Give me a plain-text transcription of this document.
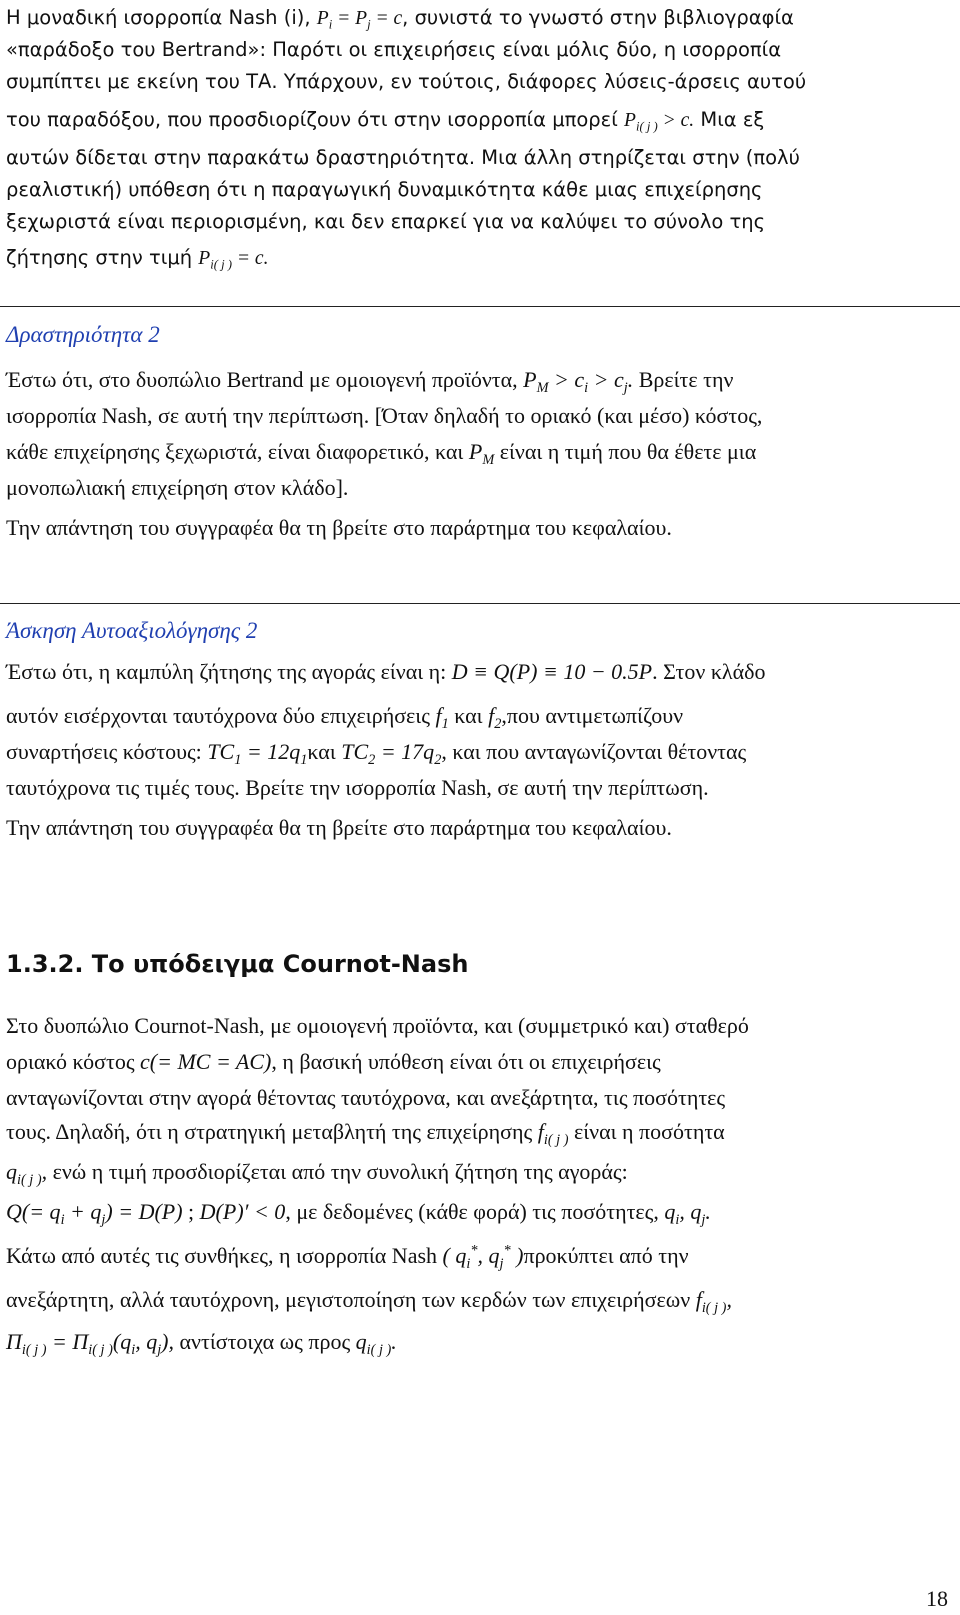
Η μοναδική ισορροπία Nash (i), $P_i = P_j = c$, συνιστά το γνωστό στην βιβλιογραφία

«παράδοξο του Bertrand»: Παρότι οι επιχειρήσεις είναι μόλις δύο, η ισορροπία

συμπίπτει με εκείνη του ΤΑ. Υπάρχουν, εν τούτοις, διάφορες λύσεις-άρσεις αυτού

του παραδόξου, που προσδιορίζουν ότι στην ισορροπία μπορεί $P_{i( j )} > c$. Μια εξ

αυτών δίδεται στην παρακάτω δραστηριότητα. Μια άλλη στηρίζεται στην (πολύ

ρεαλιστική) υπόθεση ότι η παραγωγική δυναμικότητα κάθε μιας επιχείρησης

ξεχωριστά είναι περιορισμένη, και δεν επαρκεί για να καλύψει το σύνολο της

ζήτησης στην τιμή $P_{i( j )} = c$.

Δραστηριότητα 2

Έστω ότι, στο δυοπώλιο Bertrand με ομοιογενή προϊόντα, $P_M > c_i > c_j$. Βρείτε την

ισορροπία Nash, σε αυτή την περίπτωση. [Όταν δηλαδή το οριακό (και μέσο) κόστος,

κάθε επιχείρησης ξεχωριστά, είναι διαφορετικό, και $P_M$ είναι η τιμή που θα έθετε μια

μονοπωλιακή επιχείρηση στον κλάδο].

Την απάντηση του συγγραφέα θα τη βρείτε στο παράρτημα του κεφαλαίου.

Άσκηση Αυτοαξιολόγησης 2

Έστω ότι, η καμπύλη ζήτησης της αγοράς είναι η: D ≡ Q(P) ≡ 10 − 0.5P. Στον κλάδο

αυτόν εισέρχονται ταυτόχρονα δύο επιχειρήσεις $f_1$ και $f_2,\pi o\upsilon$ αντιμετωπίζουν

συναρτήσεις κόστους: $TC_1 = 12q_1\kappa\alpha\iota$ $TC_2 = 17q_2$, και που ανταγωνίζονται θέτοντας

ταυτόχρονα τις τιμές τους. Βρείτε την ισορροπία Nash, σε αυτή την περίπτωση.

Την απάντηση του συγγραφέα θα τη βρείτε στο παράρτημα του κεφαλαίου.

1.3.2. Το υπόδειγμα Cournot-Nash

Στο δυοπώλιο Cournot-Nash, με ομοιογενή προϊόντα, και (συμμετρικό και) σταθερό

οριακό κόστος c(= MC = AC), η βασική υπόθεση είναι ότι οι επιχειρήσεις

ανταγωνίζονται στην αγορά θέτοντας ταυτόχρονα, και ανεξάρτητα, τις ποσότητες

τους. Δηλαδή, ότι η στρατηγική μεταβλητή της επιχείρησης $f_{i( j )}$ είναι η ποσότητα

$q_{i( j )}$, ενώ η τιμή προσδιορίζεται από την συνολική ζήτηση της αγοράς:

$Q(= q_i + q_j) = D(P)$ ; D(P)′ < 0, με δεδομένες (κάθε φορά) τις ποσότητες, $q_i$, $q_j$.

Κάτω από αυτές τις συνθήκες, η ισορροπία Nash ( $q_i^*$, $q_j^*$ )προκύπτει από την

ανεξάρτητη, αλλά ταυτόχρονη, μεγιστοποίηση των κερδών των επιχειρήσεων $f_{i( j )}$,

$\Pi_{i( j )} = \Pi_{i( j )}(q_i$, $q_j$), αντίστοιχα ως προς $q_{i( j )}$.

18
